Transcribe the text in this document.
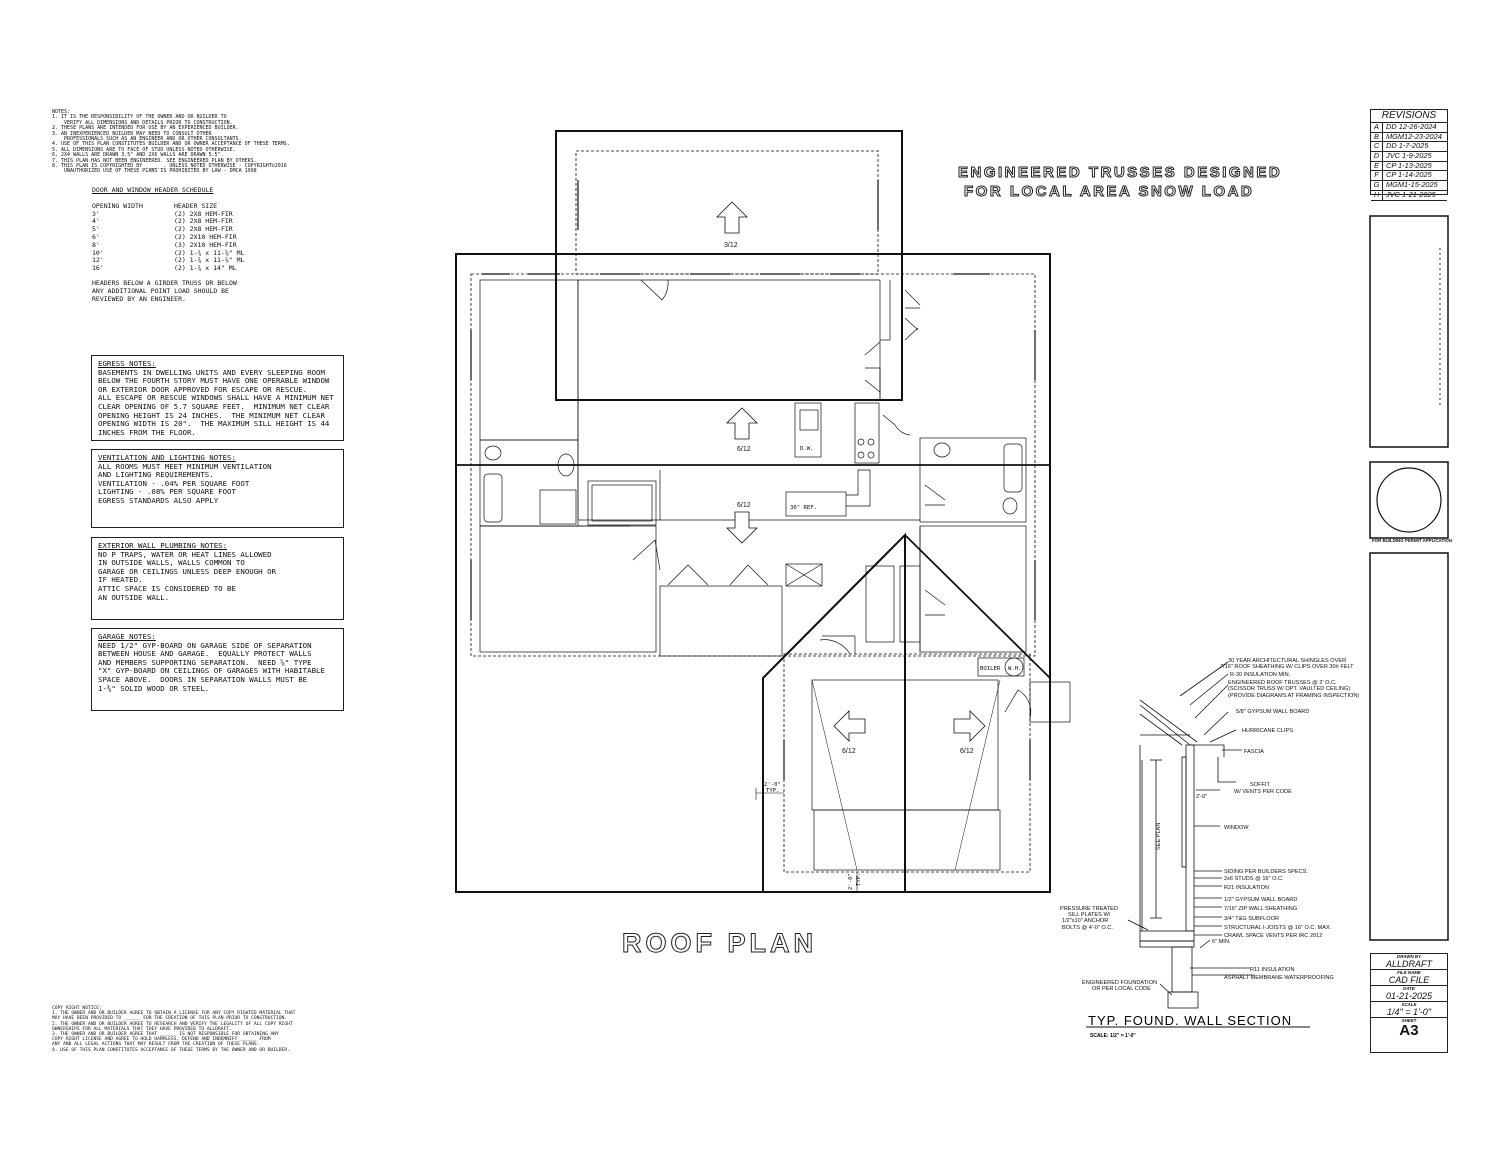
NOTES:
1. IT IS THE RESPONSIBILITY OF THE OWNER AND OR BUILDER TO
VERIFY ALL DIMENSIONS AND DETAILS PRIOR TO CONSTRUCTION.
2. THESE PLANS ARE INTENDED FOR USE BY AN EXPERIENCED BUILDER.
3. AN INEXPERIENCED BUILDER MAY NEED TO CONSULT OTHER
PROFESSIONALS SUCH AS AN ENGINEER AND OR OTHER CONSULTANTS.
4. USE OF THIS PLAN CONSTITUTES BUILDER AND OR OWNER ACCEPTANCE OF THESE TERMS.
5. ALL DIMENSIONS ARE TO FACE OF STUD UNLESS NOTED OTHERWISE.
6. 2X4 WALLS ARE DRAWN 3.5" AND 2X6 WALLS ARE DRAWN 5.5".
7. THIS PLAN HAS NOT BEEN ENGINEERED. SEE ENGINEERED PLAN BY OTHERS.
8. THIS PLAN IS COPYRIGHTED BY ______. UNLESS NOTED OTHERWISE - COPYRIGHT©2016
UNAUTHORIZED USE OF THESE PLANS IS PROHIBITED BY LAW - DMCA 1998
DOOR AND WINDOW HEADER SCHEDULE
OPENING WIDTH	HEADER SIZE
3'	(2) 2X8 HEM-FIR
4'	(2) 2X8 HEM-FIR
5'	(2) 2X8 HEM-FIR
6'	(2) 2X10 HEM-FIR
8'	(3) 2X10 HEM-FIR
10'	(2) 1-¾ x 11-⅞" ML
12'	(2) 1-¾ x 11-⅞" ML
16'	(2) 1-¾ x 14" ML
HEADERS BELOW A GIRDER TRUSS OR BELOW
ANY ADDITIONAL POINT LOAD SHOULD BE
REVIEWED BY AN ENGINEER.
EGRESS NOTES:
BASEMENTS IN DWELLING UNITS AND EVERY SLEEPING ROOM
BELOW THE FOURTH STORY MUST HAVE ONE OPERABLE WINDOW
OR EXTERIOR DOOR APPROVED FOR ESCAPE OR RESCUE.
ALL ESCAPE OR RESCUE WINDOWS SHALL HAVE A MINIMUM NET
CLEAR OPENING OF 5.7 SQUARE FEET.  MINIMUM NET CLEAR
OPENING HEIGHT IS 24 INCHES.  THE MINIMUM NET CLEAR
OPENING WIDTH IS 20".  THE MAXIMUM SILL HEIGHT IS 44
INCHES FROM THE FLOOR.
VENTILATION AND LIGHTING NOTES:
ALL ROOMS MUST MEET MINIMUM VENTILATION
AND LIGHTING REQUIREMENTS.
VENTILATION - .04% PER SQUARE FOOT
LIGHTING - .08% PER SQUARE FOOT
EGRESS STANDARDS ALSO APPLY
EXTERIOR WALL PLUMBING NOTES:
NO P TRAPS, WATER OR HEAT LINES ALLOWED
IN OUTSIDE WALLS, WALLS COMMON TO
GARAGE OR CEILINGS UNLESS DEEP ENOUGH OR
IF HEATED.
ATTIC SPACE IS CONSIDERED TO BE
AN OUTSIDE WALL.
GARAGE NOTES:
NEED 1/2" GYP-BOARD ON GARAGE SIDE OF SEPARATION
BETWEEN HOUSE AND GARAGE.  EQUALLY PROTECT WALLS
AND MEMBERS SUPPORTING SEPARATION.  NEED ⅝" TYPE
"X" GYP-BOARD ON CEILINGS OF GARAGES WITH HABITABLE
SPACE ABOVE.  DOORS IN SEPARATION WALLS MUST BE
1-⅜" SOLID WOOD OR STEEL.
COPY RIGHT NOTICE:
1. THE OWNER AND OR BUILDER AGREE TO OBTAIN A LICENSE FOR ANY COPY RIGHTED MATERIAL THAT
MAY HAVE BEEN PROVIDED TO ______ FOR THE CREATION OF THIS PLAN PRIOR TO CONSTRUCTION.
2. THE OWNER AND OR BUILDER AGREE TO RESEARCH AND VERIFY THE LEGALITY OF ALL COPY RIGHT
OWNERSHIPS FOR ALL MATERIALS THAT THEY HAVE PROVIDED TO ALLDRAFT.
3. THE OWNER AND OR BUILDER AGREE THAT ______ IS NOT RESPONSIBLE FOR OBTAINING ANY
COPY RIGHT LICENSE AND AGREE TO HOLD HARMLESS, DEFEND AND INDEMNIFY ______ FROM
ANY AND ALL LEGAL ACTIONS THAT MAY RESULT FROM THE CREATION OF THESE PLANS.
4. USE OF THIS PLAN CONSTITUTES ACCEPTANCE OF THESE TERMS BY THE OWNER AND OR BUILDER.
ENGINEERED TRUSSES DESIGNED
FOR LOCAL AREA SNOW LOAD
ROOF PLAN
3/12
6/12
6/12
6/12	6/12
D.W.
36" REF.
BOILER W.H.
2'-0"
TYP.
2'-0" TYP.
30 YEAR ARCHITECTURAL SHINGLES OVER
7/16" ROOF SHEATHING W/ CLIPS OVER 30# FELT
R-30 INSULATION MIN.
ENGINEERED ROOF TRUSSES @ 2' O.C.
(SCISSOR TRUSS W/ OPT. VAULTED CEILING)
(PROVIDE DIAGRAMS AT FRAMING INSPECTION)
5/8" GYPSUM WALL BOARD
HURRICANE CLIPS
FASCIA
SOFFIT
W/ VENTS PER CODE
WINDOW
SIDING PER BUILDERS SPECS.
2x6 STUDS @ 16" O.C.
R21 INSULATION
1/2" GYPSUM WALL BOARD
7/16" ZIP WALL SHEATHING
3/4" T&G SUBFLOOR
STRUCTURAL I-JOISTS @ 16" O.C. MAX.
CRAWL SPACE VENTS PER IRC 2012
6" MIN.
R11 INSULATION
ASPHALT MEMBRANE WATERPROOFING
PRESSURE TREATED
SILL PLATES W/
1/2"x10" ANCHOR
BOLTS @ 4'-0" O.C.
ENGINEERED FOUNDATION
OR PER LOCAL CODE
SEE PLAN
2'-0"
TYP. FOUND. WALL SECTION
SCALE: 1/2" = 1'-0"
REVISIONS
A DD 12-26-2024
B MGM12-23-2024
C DD 1-7-2025
D JVC 1-9-2025
E CP 1-13-2025
F CP 1-14-2025
G MGM1-15-2025
H JVC 1-21-2025
FOR BUILDING PERMIT APPLICATION
DRAWN BY
ALLDRAFT
FILE NAME
CAD FILE
DATE
01-21-2025
SCALE
1/4" = 1'-0"
SHEET
A3
